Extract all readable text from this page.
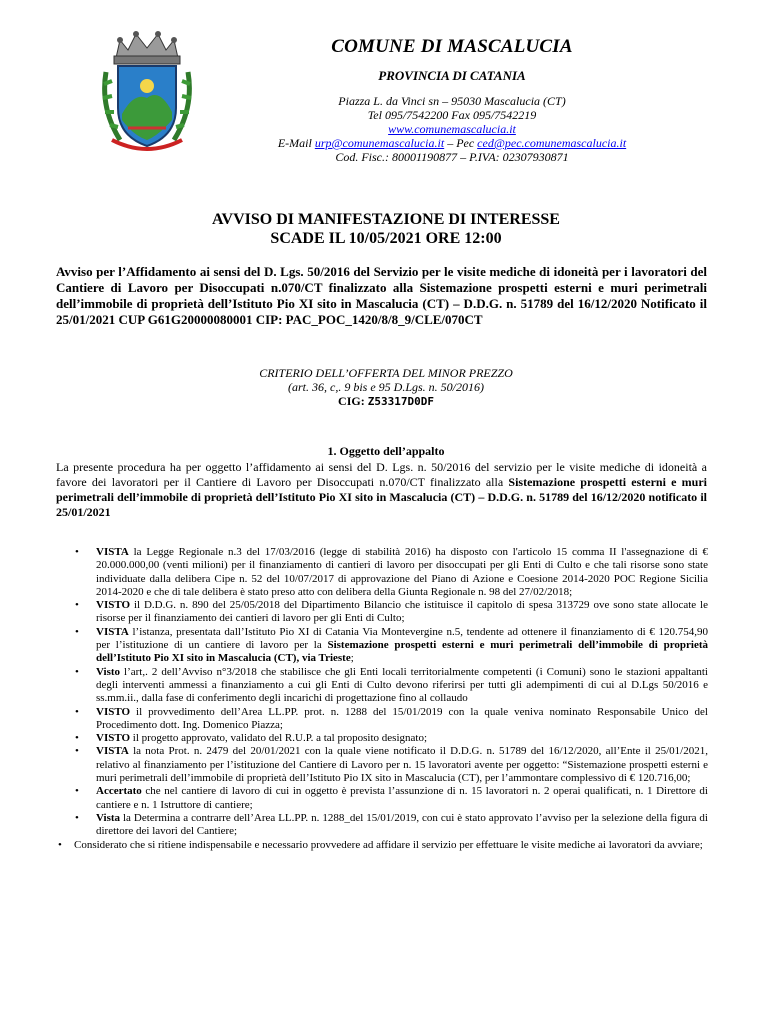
COMUNE DI MASCALUCIA
PROVINCIA DI CATANIA
Piazza L. da Vinci sn – 95030 Mascalucia (CT)
Tel 095/7542200 Fax 095/7542219
www.comunemascalucia.it
E-Mail urp@comunemascalucia.it – Pec ced@pec.comunemascalucia.it
Cod. Fisc.: 80001190877 – P.IVA: 02307930871
AVVISO DI MANIFESTAZIONE DI INTERESSE
SCADE IL 10/05/2021 ORE 12:00
Avviso per l’Affidamento ai sensi del D. Lgs. 50/2016 del Servizio per le visite mediche di idoneità per i lavoratori del Cantiere di Lavoro per Disoccupati n.070/CT finalizzato alla Sistemazione prospetti esterni e muri perimetrali dell’immobile di proprietà dell’Istituto Pio XI sito in Mascalucia (CT) – D.D.G. n. 51789 del 16/12/2020 Notificato il 25/01/2021 CUP G61G20000080001 CIP: PAC_POC_1420/8/8_9/CLE/070CT
CRITERIO DELL’OFFERTA DEL MINOR PREZZO
(art. 36, c,. 9 bis e 95 D.Lgs. n. 50/2016)
CIG: Z53317D0DF
1. Oggetto dell’appalto
La presente procedura ha per oggetto l’affidamento ai sensi del D. Lgs. n. 50/2016 del servizio per le visite mediche di idoneità a favore dei lavoratori per il Cantiere di Lavoro per Disoccupati n.070/CT finalizzato alla Sistemazione prospetti esterni e muri perimetrali dell’immobile di proprietà dell’Istituto Pio XI sito in Mascalucia (CT) – D.D.G. n. 51789 del 16/12/2020 notificato il 25/01/2021
• VISTA la Legge Regionale n.3 del 17/03/2016 (legge di stabilità 2016) ha disposto con l'articolo 15 comma II l'assegnazione di € 20.000.000,00 (venti milioni) per il finanziamento di cantieri di lavoro per disoccupati per gli Enti di Culto e che tali risorse sono state individuate dalla delibera Cipe n. 52 del 10/07/2017 di approvazione del Piano di Azione e Coesione 2014-2020 POC Regione Sicilia 2014-2020 e che di tale delibera è stato preso atto con delibera della Giunta Regionale n. 98 del 27/02/2018;
• VISTO il D.D.G. n. 890 del 25/05/2018 del Dipartimento Bilancio che istituisce il capitolo di spesa 313729 ove sono state allocate le risorse per il finanziamento dei cantieri di lavoro per gli Enti di Culto;
• VISTA l’istanza, presentata dall’Istituto Pio XI di Catania Via Montevergine n.5, tendente ad ottenere il finanziamento di € 120.754,90 per l’istituzione di un cantiere di lavoro per la Sistemazione prospetti esterni e muri perimetrali dell’immobile di proprietà dell’Istituto Pio XI sito in Mascalucia (CT), via Trieste;
• Visto l’art,. 2 dell’Avviso n°3/2018 che stabilisce che gli Enti locali territorialmente competenti (i Comuni) sono le stazioni appaltanti degli interventi ammessi a finanziamento a cui gli Enti di Culto devono riferirsi per tutti gli adempimenti di cui al D.Lgs 50/2016 e ss.mm.ii., dalla fase di conferimento degli incarichi di progettazione fino al collaudo
• VISTO il provvedimento dell’Area LL.PP. prot. n. 1288 del 15/01/2019 con la quale veniva nominato Responsabile Unico del Procedimento dott. Ing. Domenico Piazza;
• VISTO il progetto approvato, validato del R.U.P. a tal proposito designato;
• VISTA la nota Prot. n. 2479 del 20/01/2021 con la quale viene notificato il D.D.G. n. 51789 del 16/12/2020, all’Ente il 25/01/2021, relativo al finanziamento per l’istituzione del Cantiere di Lavoro per n. 15 lavoratori avente per oggetto: “Sistemazione prospetti esterni e muri perimetrali dell’immobile di proprietà dell’Istituto Pio IX sito in Mascalucia (CT), per l’ammontare complessivo di € 120.716,00;
• Accertato che nel cantiere di lavoro di cui in oggetto è prevista l’assunzione di n. 15 lavoratori n. 2 operai qualificati, n. 1 Direttore di cantiere e n. 1 Istruttore di cantiere;
• Vista la Determina a contrarre dell’Area LL.PP. n. 1288_del 15/01/2019, con cui è stato approvato l’avviso per la selezione della figura di direttore dei lavori del Cantiere;
• Considerato che si ritiene indispensabile e necessario provvedere ad affidare il servizio per effettuare le visite mediche ai lavoratori da avviare;
